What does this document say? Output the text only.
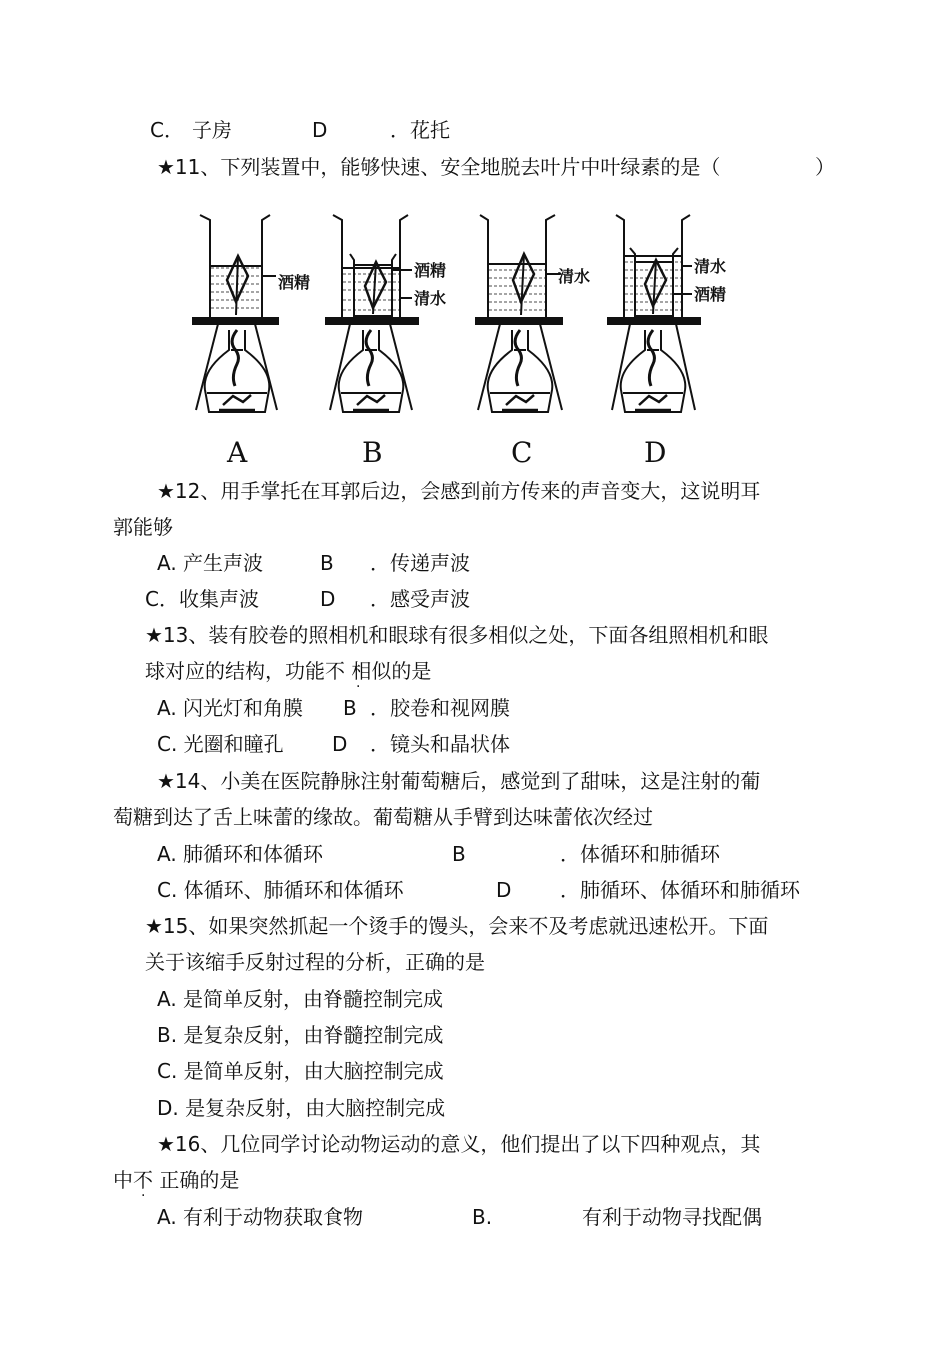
C． 子房	D	．花托
★11、下列装置中，能够快速、安全地脱去叶片中叶绿素的是（	）
酒精
A
酒精
清水
B
清水
C
清水
酒精
D
★12、用手掌托在耳郭后边，会感到前方传来的声音变大，这说明耳
郭能够
A. 产生声波	B ．传递声波
C．收集声波	D ．感受声波
★13、装有胶卷的照相机和眼球有很多相似之处，下面各组照相机和眼
球对应的结构，功能不 相似的是
·
A. 闪光灯和角膜 B ．胶卷和视网膜
C. 光圈和瞳孔 D ．镜头和晶状体
★14、小美在医院静脉注射葡萄糖后，感觉到了甜味，这是注射的葡
萄糖到达了舌上味蕾的缘故。葡萄糖从手臂到达味蕾依次经过
A. 肺循环和体循环	B	．体循环和肺循环
C. 体循环、肺循环和体循环	D ．肺循环、体循环和肺循环
★15、如果突然抓起一个烫手的馒头，会来不及考虑就迅速松开。下面
关于该缩手反射过程的分析，正确的是
A. 是简单反射，由脊髓控制完成
B. 是复杂反射，由脊髓控制完成
C. 是简单反射，由大脑控制完成
D. 是复杂反射，由大脑控制完成
★16、几位同学讨论动物运动的意义，他们提出了以下四种观点，其
中不 正确的是
·
A. 有利于动物获取食物	B.	有利于动物寻找配偶
